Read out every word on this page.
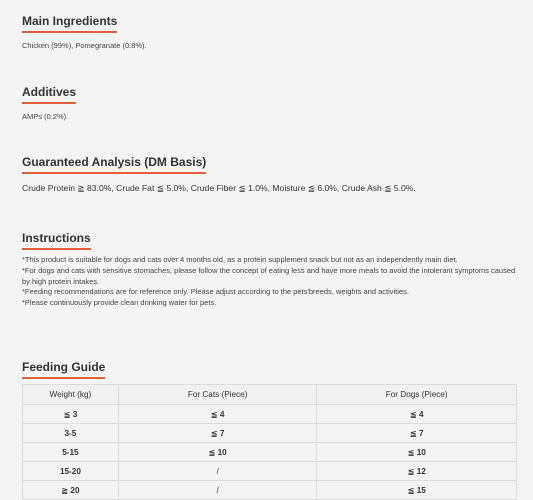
Main Ingredients
Chicken (99%), Pomegranate (0.8%).
Additives
AMPs (0.2%).
Guaranteed Analysis (DM Basis)
Crude Protein ≧ 83.0%, Crude Fat ≦ 5.0%, Crude Fiber ≦ 1.0%, Moisture ≦ 6.0%, Crude Ash ≦ 5.0%.
Instructions

*This product is suitable for dogs and cats over 4 months old, as a protein supplement snack but not as an independently main diet.

*For dogs and cats with sensitive stomaches, please follow the concept of eating less and have more meals to avoid the intolerant symptoms caused by high protein intakes.

*Feeding recommendations are for reference only. Please adjust according to the pets'breeds, weights and activities.

*Please continuously provide clean drinking water for pets.

Feeding Guide
Weight (kg)	For Cats (Piece)	For Dogs (Piece)
≦ 3	≦ 4	≦ 4
3-5	≦ 7	≦ 7
5-15	≦ 10	≦ 10
15-20	/	≦ 12
≧ 20	/	≦ 15
